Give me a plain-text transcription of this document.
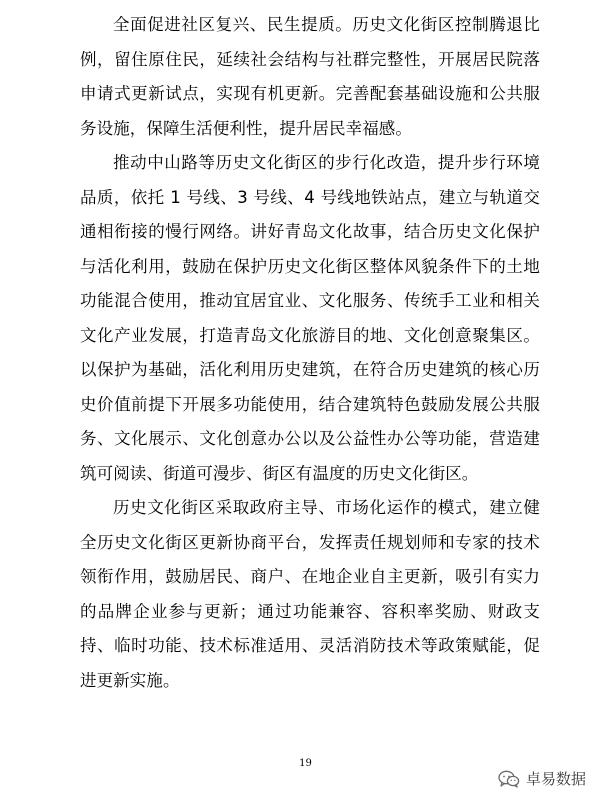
全面促进社区复兴、民生提质。历史文化街区控制腾退比例，留住原住民，延续社会结构与社群完整性，开展居民院落申请式更新试点，实现有机更新。完善配套基础设施和公共服务设施，保障生活便利性，提升居民幸福感。

推动中山路等历史文化街区的步行化改造，提升步行环境品质，依托 1 号线、3 号线、4 号线地铁站点，建立与轨道交通相衔接的慢行网络。讲好青岛文化故事，结合历史文化保护与活化利用，鼓励在保护历史文化街区整体风貌条件下的土地功能混合使用，推动宜居宜业、文化服务、传统手工业和相关文化产业发展，打造青岛文化旅游目的地、文化创意聚集区。以保护为基础，活化利用历史建筑，在符合历史建筑的核心历史价值前提下开展多功能使用，结合建筑特色鼓励发展公共服务、文化展示、文化创意办公以及公益性办公等功能，营造建筑可阅读、街道可漫步、街区有温度的历史文化街区。

历史文化街区采取政府主导、市场化运作的模式，建立健全历史文化街区更新协商平台，发挥责任规划师和专家的技术领衔作用，鼓励居民、商户、在地企业自主更新，吸引有实力的品牌企业参与更新；通过功能兼容、容积率奖励、财政支持、临时功能、技术标准适用、灵活消防技术等政策赋能，促进更新实施。

19
卓易数据
